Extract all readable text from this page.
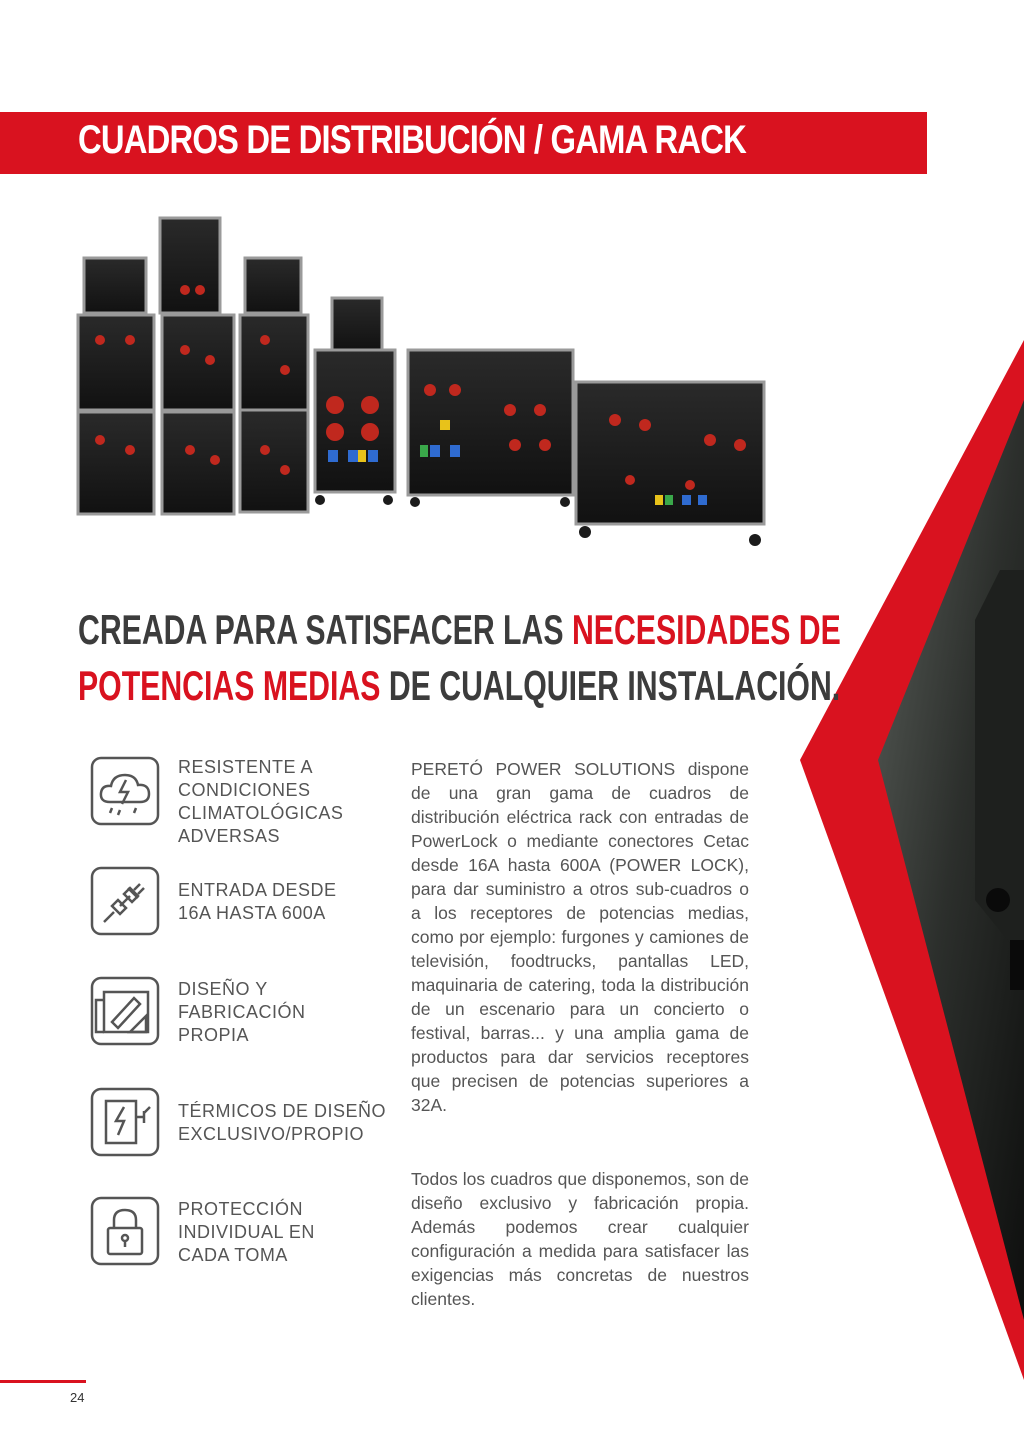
CUADROS DE DISTRIBUCIÓN / GAMA RACK
CREADA PARA SATISFACER LAS NECESIDADES DE
POTENCIAS MEDIAS DE CUALQUIER INSTALACIÓN.
RESISTENTE A
CONDICIONES
CLIMATOLÓGICAS
ADVERSAS
ENTRADA DESDE
16A HASTA 600A
DISEÑO Y
FABRICACIÓN
PROPIA
TÉRMICOS DE DISEÑO
EXCLUSIVO/PROPIO
PROTECCIÓN
INDIVIDUAL EN
CADA TOMA
PERETÓ POWER SOLUTIONS dispone de una gran gama de cuadros de distribución eléctrica rack con entradas de PowerLock o mediante conectores Cetac desde 16A hasta 600A (POWER LOCK), para dar suministro a otros sub-cuadros o a los receptores de potencias medias, como por ejemplo: furgones y camiones de televisión, foodtrucks, pantallas LED, maquinaria de catering, toda la distribución de un escenario para un concierto o festival, barras... y una amplia gama de productos para dar servicios receptores que precisen de potencias superiores a 32A.
Todos los cuadros que disponemos, son de diseño exclusivo y fabricación propia. Además podemos crear cualquier configuración a medida para satisfacer las exigencias más concretas de nuestros clientes.
24
